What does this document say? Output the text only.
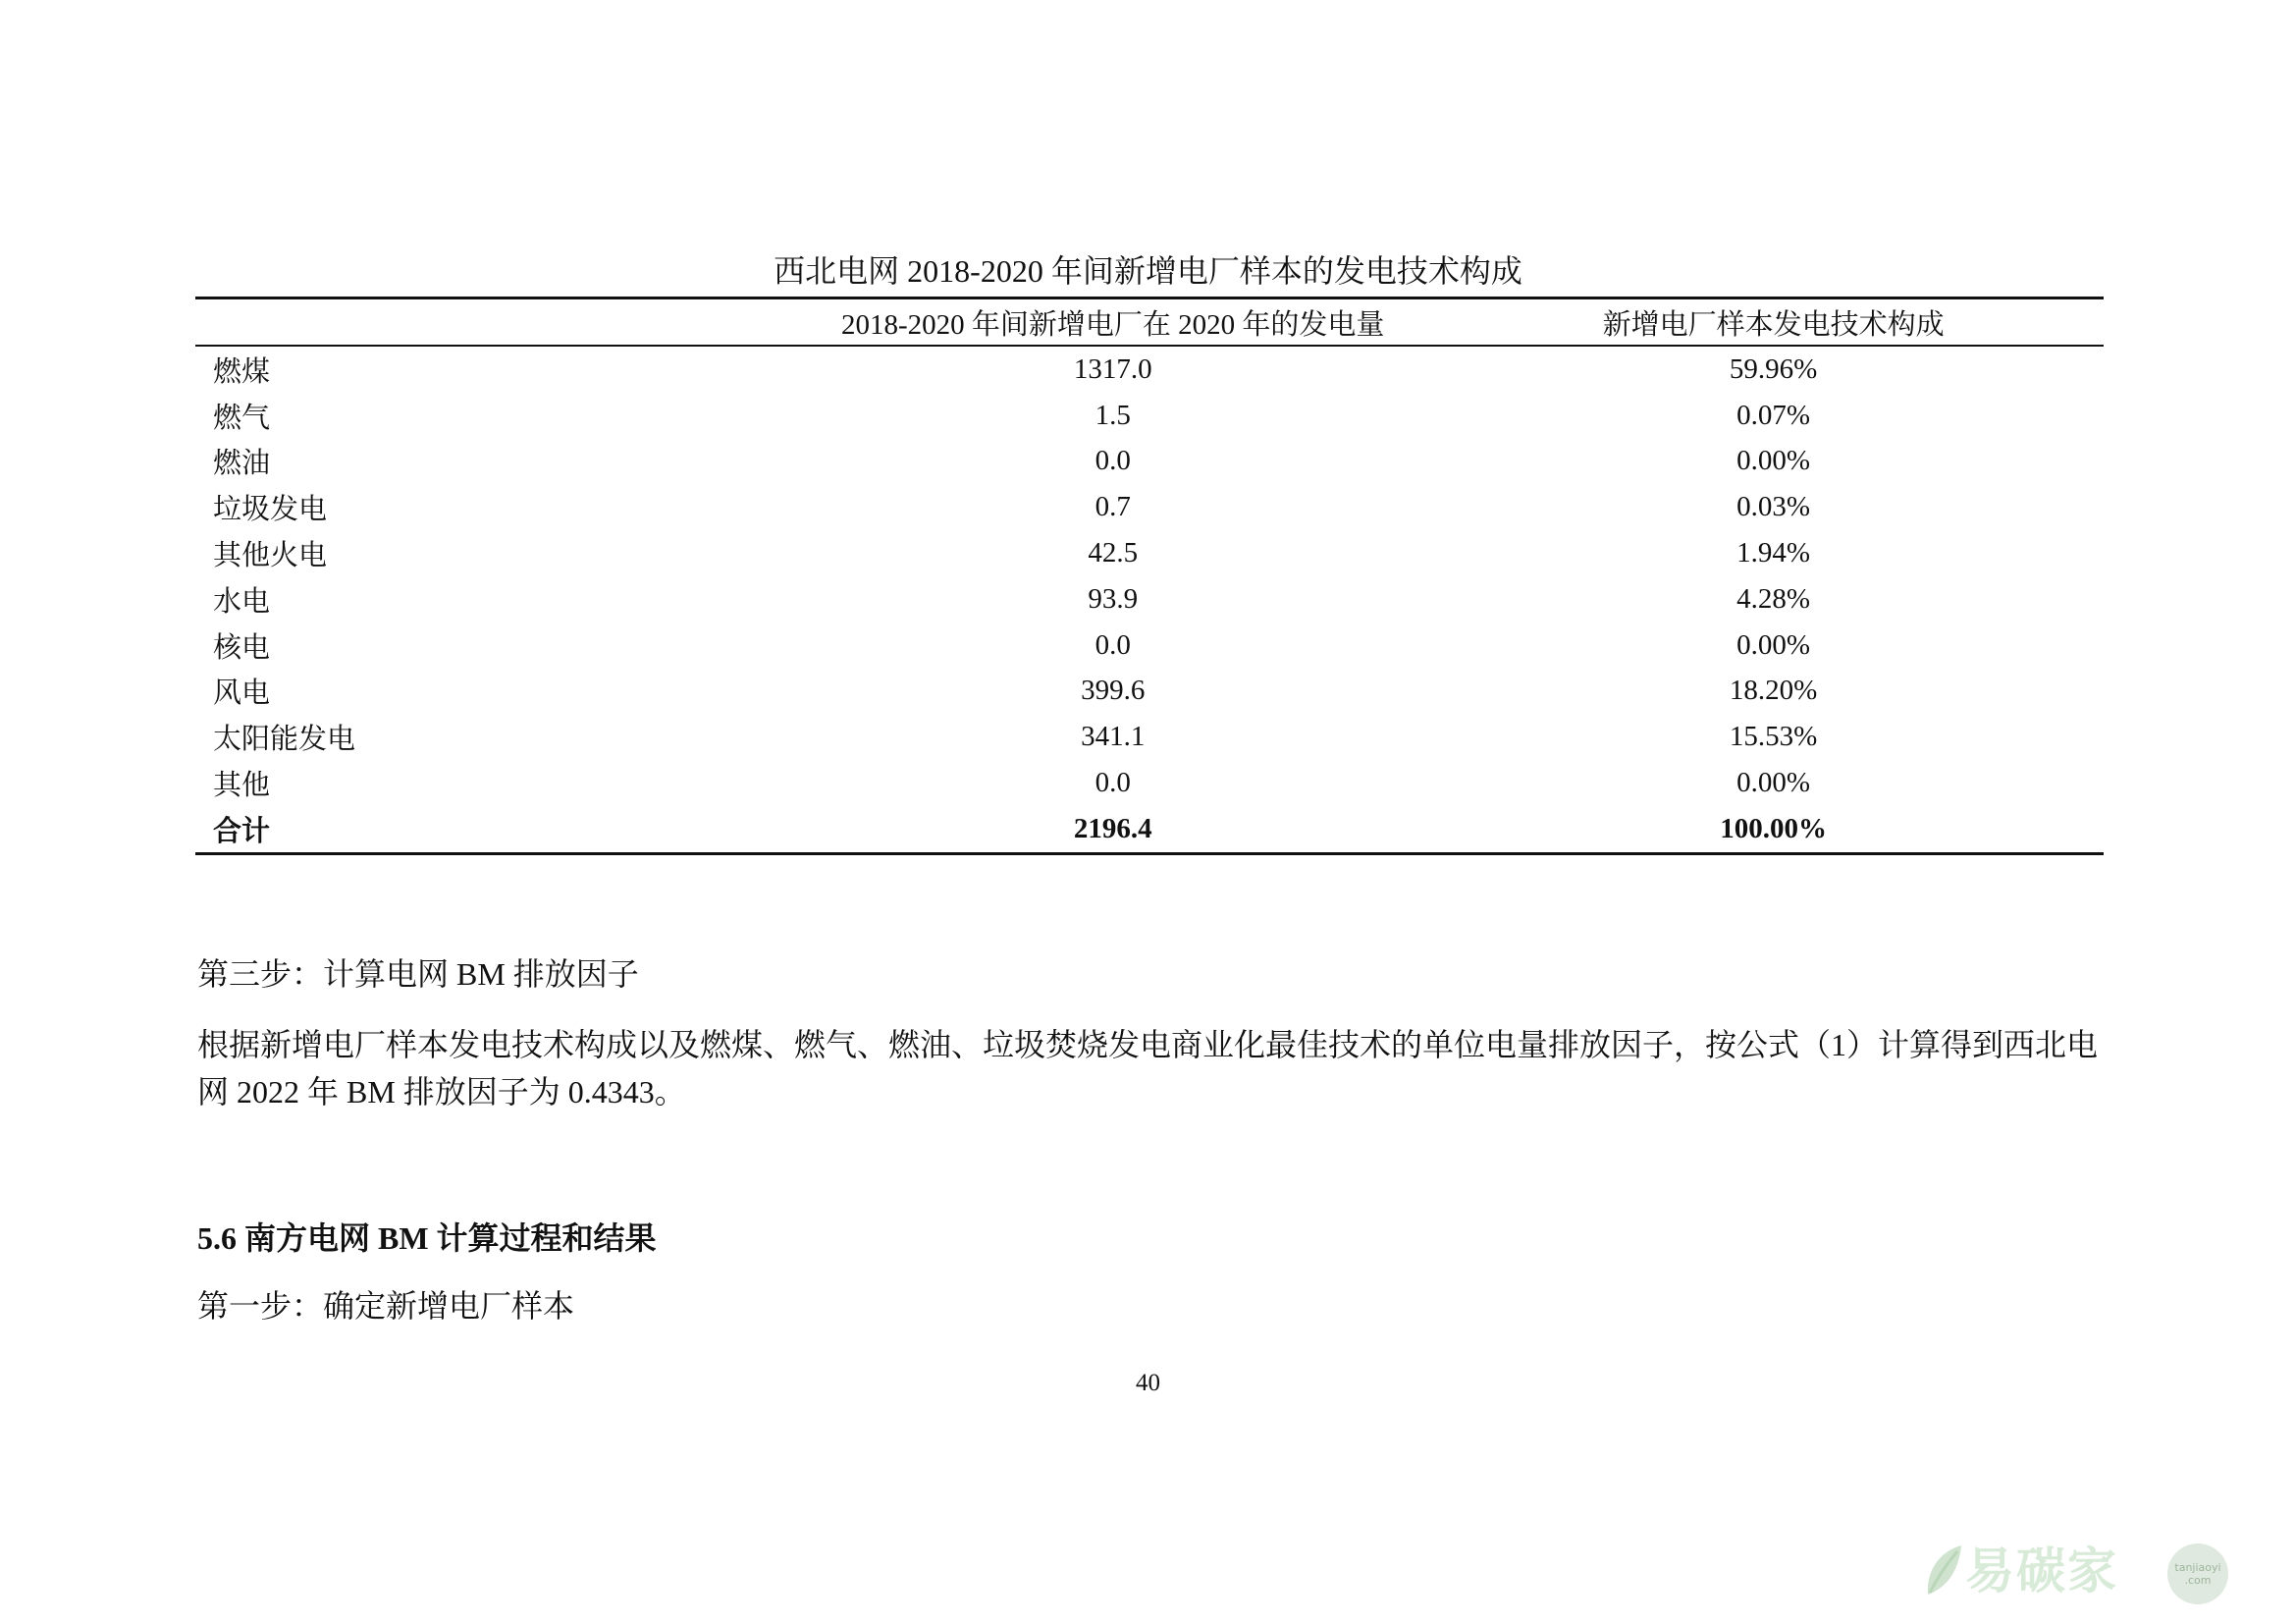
西北电网 2018-2020 年间新增电厂样本的发电技术构成
	2018-2020 年间新增电厂在 2020 年的发电量	新增电厂样本发电技术构成
燃煤	1317.0	59.96%
燃气	1.5	0.07%
燃油	0.0	0.00%
垃圾发电	0.7	0.03%
其他火电	42.5	1.94%
水电	93.9	4.28%
核电	0.0	0.00%
风电	399.6	18.20%
太阳能发电	341.1	15.53%
其他	0.0	0.00%
合计	2196.4	100.00%
第三步：计算电网 BM 排放因子
根据新增电厂样本发电技术构成以及燃煤、燃气、燃油、垃圾焚烧发电商业化最佳技术的单位电量排放因子，按公式（1）计算得到西北电网 2022 年 BM 排放因子为 0.4343。
5.6 南方电网 BM 计算过程和结果
第一步：确定新增电厂样本
40
易碳家	tanjiaoyi
.com
